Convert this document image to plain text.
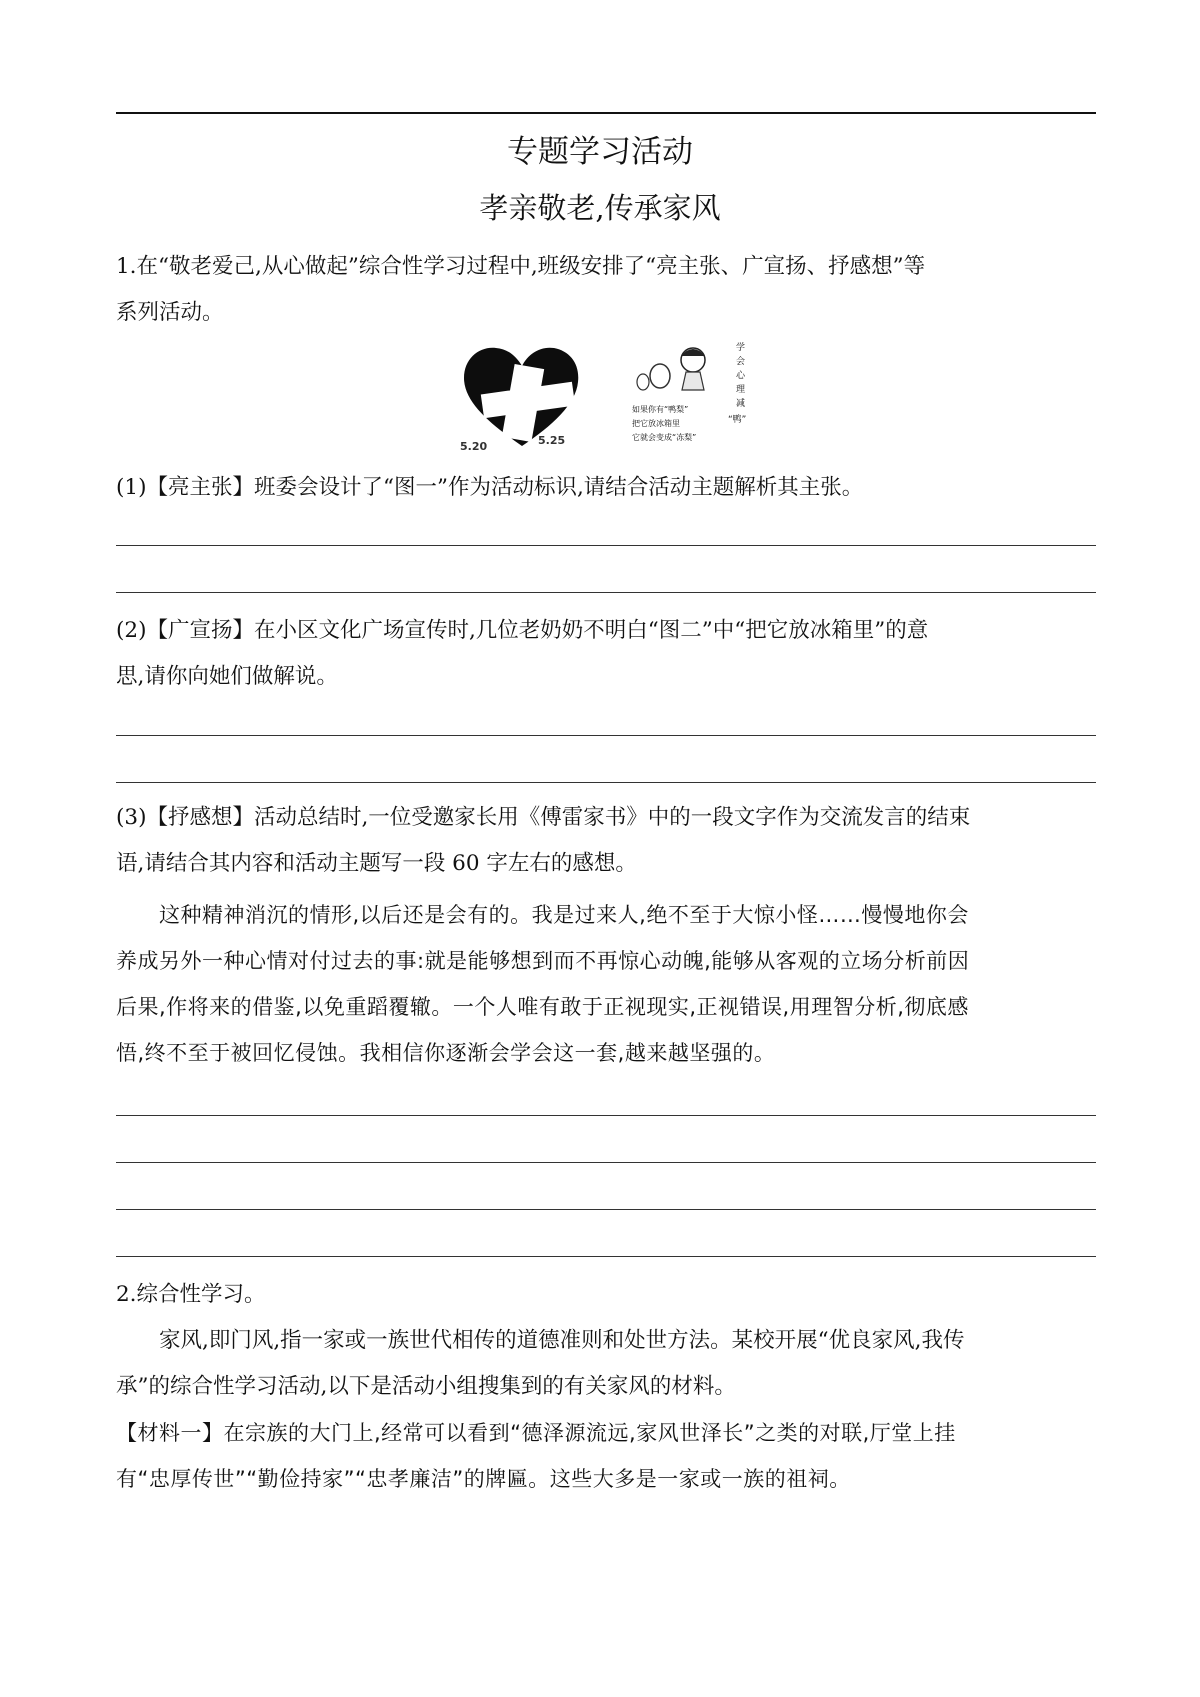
专题学习活动
孝亲敬老,传承家风
1.在“敬老爱己,从心做起”综合性学习过程中,班级安排了“亮主张、广宣扬、抒感想”等
系列活动。
5.20	5.25
如果你有“鸭梨”
把它放冰箱里
它就会变成“冻梨”
学
会
心
理
减
“鸭”
(1)【亮主张】班委会设计了“图一”作为活动标识,请结合活动主题解析其主张。
(2)【广宣扬】在小区文化广场宣传时,几位老奶奶不明白“图二”中“把它放冰箱里”的意
思,请你向她们做解说。
(3)【抒感想】活动总结时,一位受邀家长用《傅雷家书》中的一段文字作为交流发言的结束
语,请结合其内容和活动主题写一段 60 字左右的感想。
这种精神消沉的情形,以后还是会有的。我是过来人,绝不至于大惊小怪……慢慢地你会
养成另外一种心情对付过去的事:就是能够想到而不再惊心动魄,能够从客观的立场分析前因
后果,作将来的借鉴,以免重蹈覆辙。一个人唯有敢于正视现实,正视错误,用理智分析,彻底感
悟,终不至于被回忆侵蚀。我相信你逐渐会学会这一套,越来越坚强的。
2.综合性学习。
家风,即门风,指一家或一族世代相传的道德准则和处世方法。某校开展“优良家风,我传
承”的综合性学习活动,以下是活动小组搜集到的有关家风的材料。
【材料一】在宗族的大门上,经常可以看到“德泽源流远,家风世泽长”之类的对联,厅堂上挂
有“忠厚传世”“勤俭持家”“忠孝廉洁”的牌匾。这些大多是一家或一族的祖祠。
